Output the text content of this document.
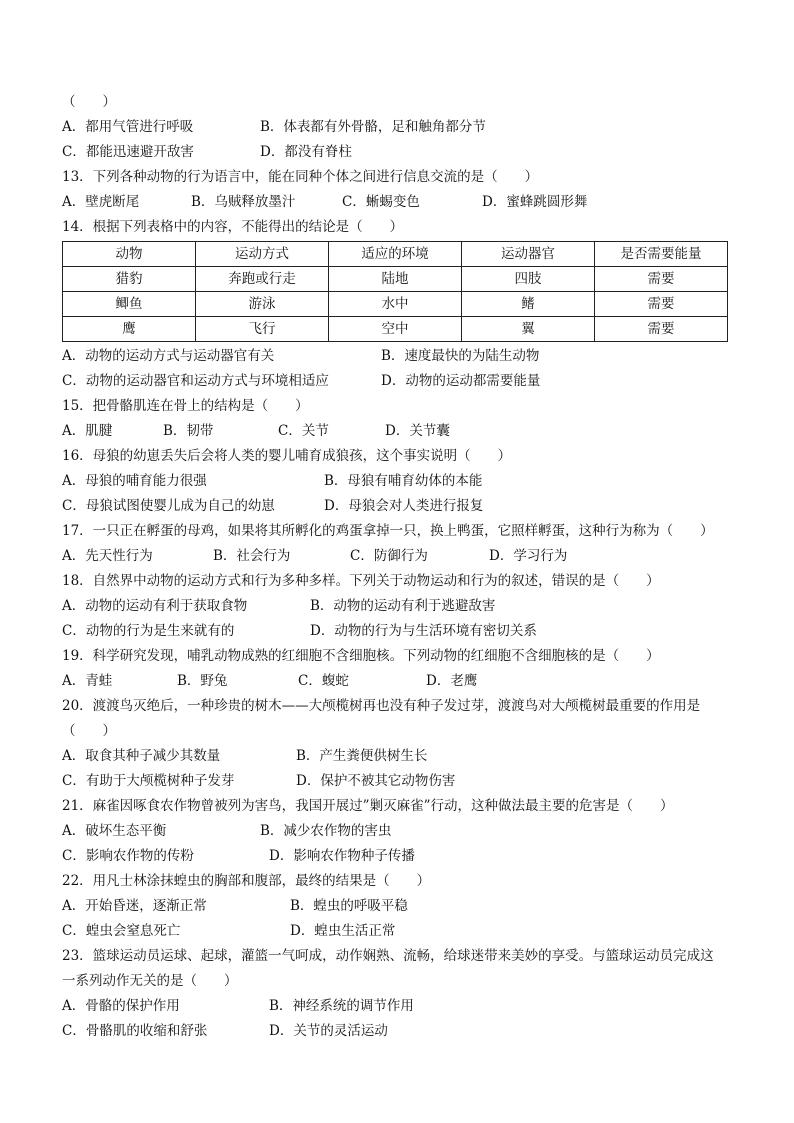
（　　）
A．都用气管进行呼吸	B．体表都有外骨骼，足和触角都分节
C．都能迅速避开敌害	D．都没有脊柱
13．下列各种动物的行为语言中，能在同种个体之间进行信息交流的是（　　）
A．壁虎断尾	B．乌贼释放墨汁	C．蜥蜴变色	D．蜜蜂跳圆形舞
14．根据下列表格中的内容，不能得出的结论是（　　）
动物	运动方式	适应的环境	运动器官	是否需要能量
猎豹	奔跑或行走	陆地	四肢	需要
鲫鱼	游泳	水中	鳍	需要
鹰	飞行	空中	翼	需要
A．动物的运动方式与运动器官有关	B．速度最快的为陆生动物
C．动物的运动器官和运动方式与环境相适应	D．动物的运动都需要能量
15．把骨骼肌连在骨上的结构是（　　）
A．肌腱	B．韧带	C．关节	D．关节囊
16．母狼的幼崽丢失后会将人类的婴儿哺育成狼孩，这个事实说明（　　）
A．母狼的哺育能力很强	B．母狼有哺育幼体的本能
C．母狼试图使婴儿成为自己的幼崽	D．母狼会对人类进行报复
17．一只正在孵蛋的母鸡，如果将其所孵化的鸡蛋拿掉一只，换上鸭蛋，它照样孵蛋，这种行为称为（　　）
A．先天性行为	B．社会行为	C．防御行为	D．学习行为
18．自然界中动物的运动方式和行为多种多样。下列关于动物运动和行为的叙述，错误的是（　　）
A．动物的运动有利于获取食物	B．动物的运动有利于逃避敌害
C．动物的行为是生来就有的	D．动物的行为与生活环境有密切关系
19．科学研究发现，哺乳动物成熟的红细胞不含细胞核。下列动物的红细胞不含细胞核的是（　　）
A．青蛙	B．野兔	C．蝮蛇	D．老鹰
20．渡渡鸟灭绝后，一种珍贵的树木——大颅榄树再也没有种子发过芽，渡渡鸟对大颅榄树最重要的作用是
（　　）
A．取食其种子减少其数量	B．产生粪便供树生长
C．有助于大颅榄树种子发芽	D．保护不被其它动物伤害
21．麻雀因啄食农作物曾被列为害鸟，我国开展过”剿灭麻雀”行动，这种做法最主要的危害是（　　）
A．破坏生态平衡	B．减少农作物的害虫
C．影响农作物的传粉	D．影响农作物种子传播
22．用凡士林涂抹蝗虫的胸部和腹部，最终的结果是（　　）
A．开始昏迷，逐渐正常	B．蝗虫的呼吸平稳
C．蝗虫会窒息死亡	D．蝗虫生活正常
23．篮球运动员运球、起球，灌篮一气呵成，动作娴熟、流畅，给球迷带来美妙的享受。与篮球运动员完成这
一系列动作无关的是（　　）
A．骨骼的保护作用	B．神经系统的调节作用
C．骨骼肌的收缩和舒张	D．关节的灵活运动
